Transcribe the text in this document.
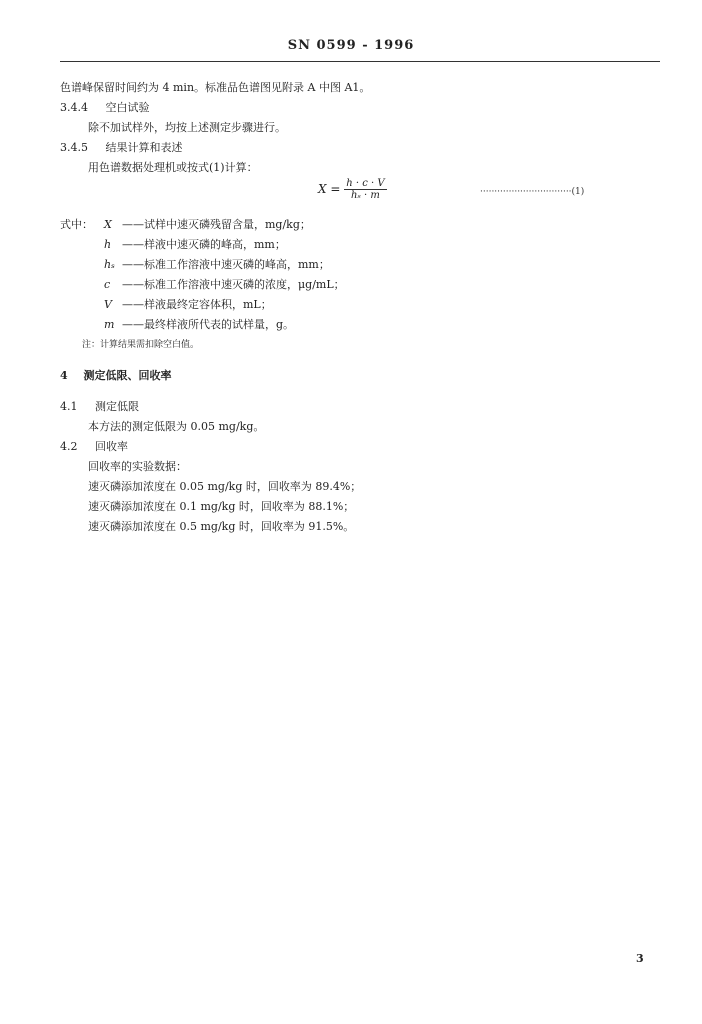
SN 0599 - 1996
色谱峰保留时间约为 4 min。标准品色谱图见附录 A 中图 A1。
3.4.4 空白试验
除不加试样外，均按上述测定步骤进行。
3.4.5 结果计算和表述
用色谱数据处理机或按式(1)计算：
$X = \frac{h \cdot c \cdot V}{\text{hₛ · m}}$	································(1)
式中： X ——试样中速灭磷残留含量，mg/kg；
h ——样液中速灭磷的峰高，mm；
hₛ ——标准工作溶液中速灭磷的峰高，mm；
c ——标准工作溶液中速灭磷的浓度，μg/mL；
V ——样液最终定容体积，mL；
m ——最终样液所代表的试样量，g。
注：计算结果需扣除空白值。
4 测定低限、回收率
4.1 测定低限
本方法的测定低限为 0.05 mg/kg。
4.2 回收率
回收率的实验数据：
速灭磷添加浓度在 0.05 mg/kg 时，回收率为 89.4%；
速灭磷添加浓度在 0.1 mg/kg 时，回收率为 88.1%；
速灭磷添加浓度在 0.5 mg/kg 时，回收率为 91.5%。
3
